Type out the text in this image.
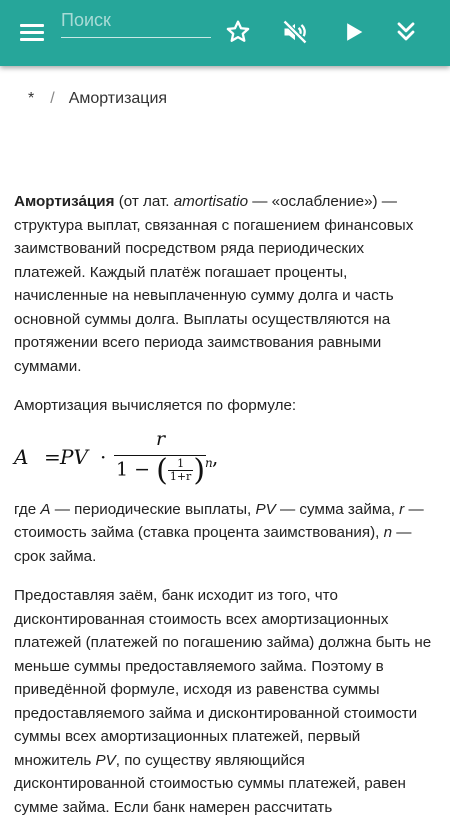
Поиск
* / Амортизация

Амортиза́ция (от лат. amortisatio — «ослабление») — структура выплат, связанная с погашением финансовых заимствований посредством ряда периодических платежей. Каждый платёж погашает проценты, начисленные на невыплаченную сумму долга и часть основной суммы долга. Выплаты осуществляются на протяжении всего периода заимствования равными суммами.

Амортизация вычисляется по формуле:

A = PV ·
r
1 − ( $\frac{1}{1+r} )^n$ ,

где A — периодические выплаты, PV — сумма займа, r — стоимость займа (ставка процента заимствования), n — срок займа.

Предоставляя заём, банк исходит из того, что дисконтированная стоимость всех амортизационных платежей (платежей по погашению займа) должна быть не меньше суммы предоставляемого займа. Поэтому в приведённой формуле, исходя из равенства суммы предоставляемого займа и дисконтированной стоимости суммы всех амортизационных платежей, первый множитель PV, по существу являющийся дисконтированной стоимостью суммы платежей, равен сумме займа. Если банк намерен рассчитать
